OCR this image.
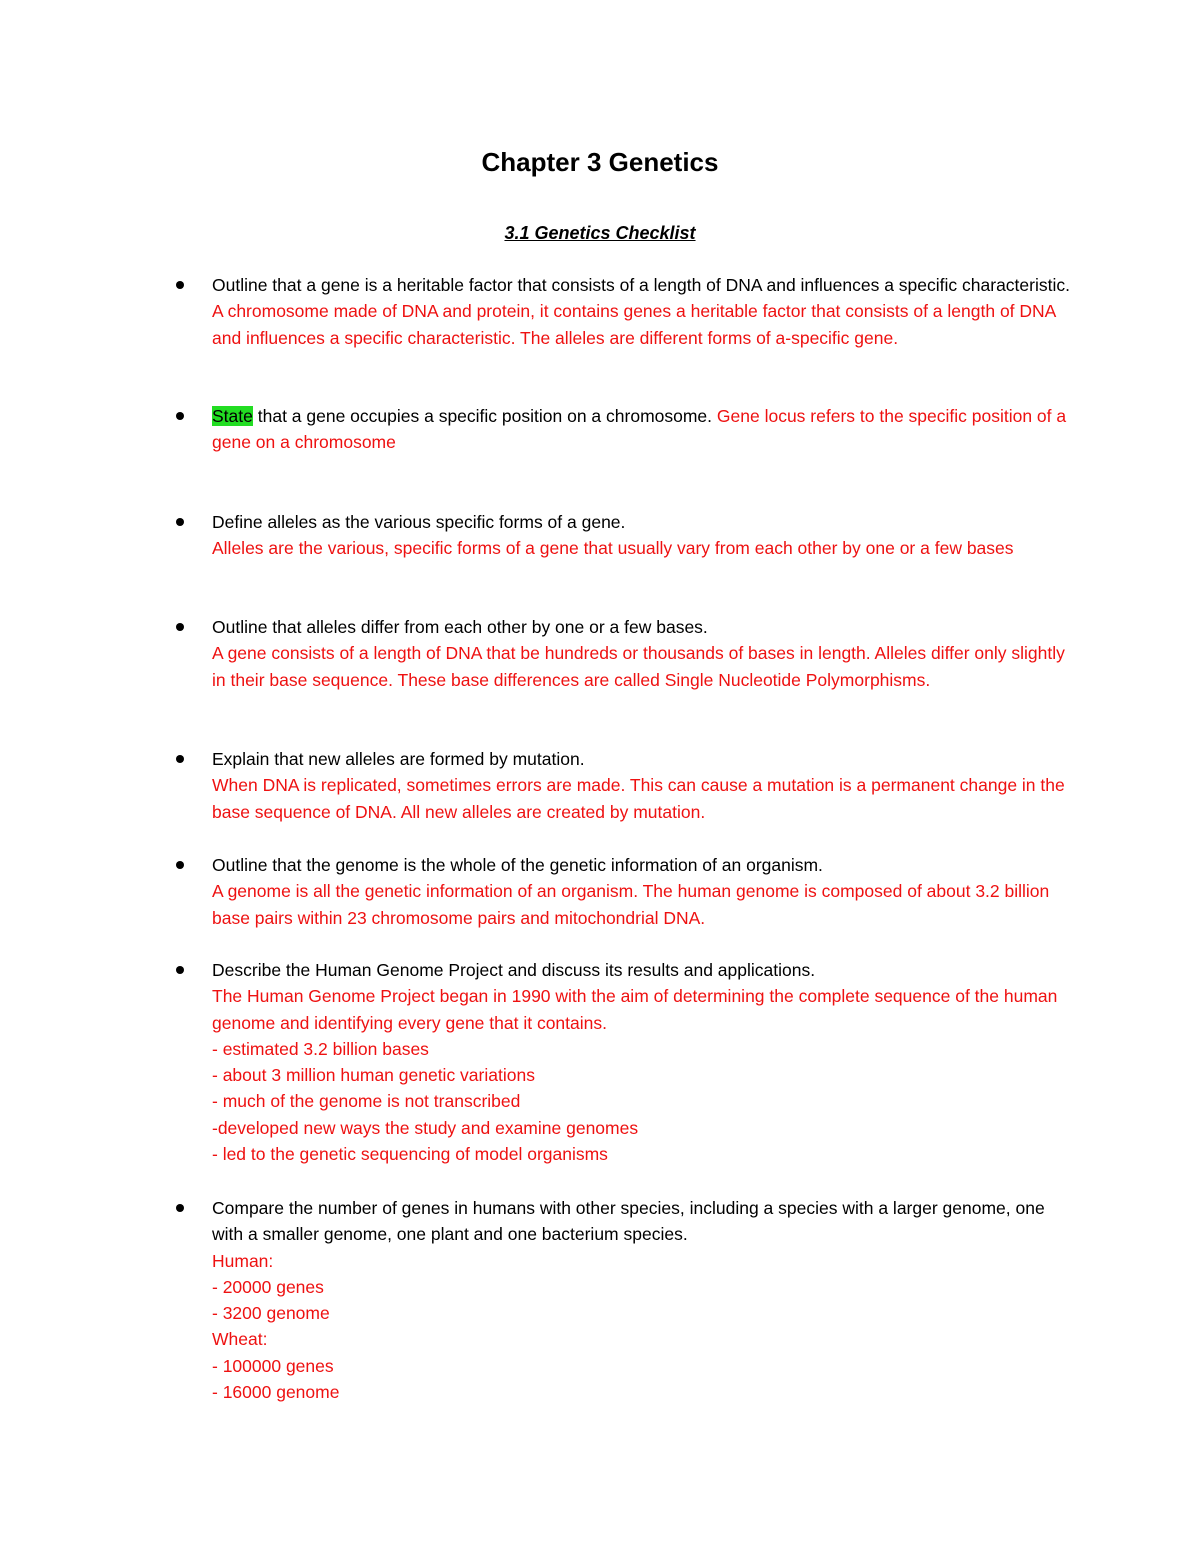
Chapter 3 Genetics
3.1 Genetics Checklist
Outline that a gene is a heritable factor that consists of a length of DNA and influences a specific characteristic. A chromosome made of DNA and protein, it contains genes a heritable factor that consists of a length of DNA and influences a specific characteristic. The alleles are different forms of a-specific gene.
State that a gene occupies a specific position on a chromosome. Gene locus refers to the specific position of a gene on a chromosome
Define alleles as the various specific forms of a gene.
Alleles are the various, specific forms of a gene that usually vary from each other by one or a few bases
Outline that alleles differ from each other by one or a few bases.
A gene consists of a length of DNA that be hundreds or thousands of bases in length. Alleles differ only slightly in their base sequence. These base differences are called Single Nucleotide Polymorphisms.
Explain that new alleles are formed by mutation.
When DNA is replicated, sometimes errors are made. This can cause a mutation is a permanent change in the base sequence of DNA. All new alleles are created by mutation.
Outline that the genome is the whole of the genetic information of an organism.
A genome is all the genetic information of an organism. The human genome is composed of about 3.2 billion base pairs within 23 chromosome pairs and mitochondrial DNA.
Describe the Human Genome Project and discuss its results and applications.
The Human Genome Project began in 1990 with the aim of determining the complete sequence of the human genome and identifying every gene that it contains.
- estimated 3.2 billion bases
- about 3 million human genetic variations
- much of the genome is not transcribed
-developed new ways the study and examine genomes
- led to the genetic sequencing of model organisms
Compare the number of genes in humans with other species, including a species with a larger genome, one with a smaller genome, one plant and one bacterium species.
Human:
- 20000 genes
- 3200 genome
Wheat:
- 100000 genes
- 16000 genome
